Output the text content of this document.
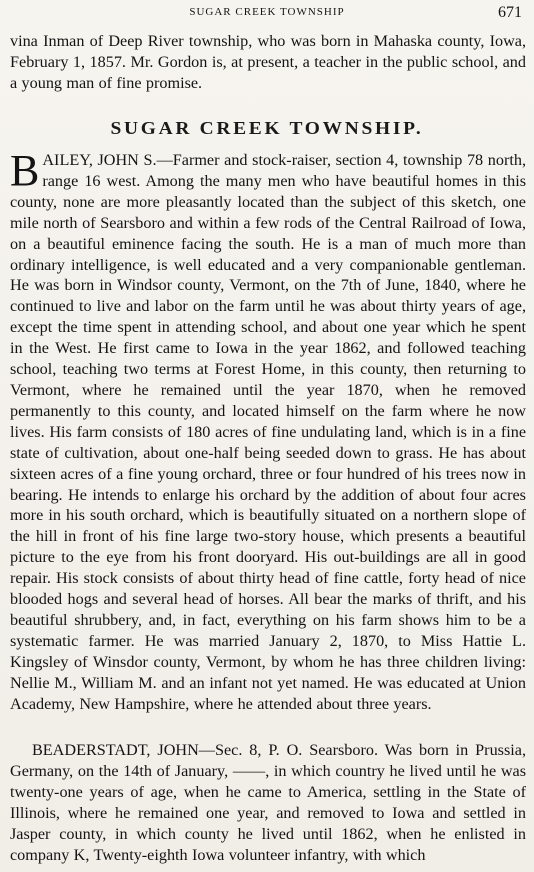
SUGAR CREEK TOWNSHIP	671

vina Inman of Deep River township, who was born in Mahaska county, Iowa, February 1, 1857. Mr. Gordon is, at present, a teacher in the public school, and a young man of fine promise.

SUGAR CREEK TOWNSHIP.

BAILEY, JOHN S.—Farmer and stock-raiser, section 4, township 78 north, range 16 west. Among the many men who have beautiful homes in this county, none are more pleasantly located than the subject of this sketch, one mile north of Searsboro and within a few rods of the Central Railroad of Iowa, on a beautiful eminence facing the south. He is a man of much more than ordinary intelligence, is well educated and a very companionable gentleman. He was born in Windsor county, Vermont, on the 7th of June, 1840, where he continued to live and labor on the farm until he was about thirty years of age, except the time spent in attending school, and about one year which he spent in the West. He first came to Iowa in the year 1862, and followed teaching school, teaching two terms at Forest Home, in this county, then returning to Vermont, where he remained until the year 1870, when he removed permanently to this county, and located himself on the farm where he now lives. His farm consists of 180 acres of fine undulating land, which is in a fine state of cultivation, about one-half being seeded down to grass. He has about sixteen acres of a fine young orchard, three or four hundred of his trees now in bearing. He intends to enlarge his orchard by the addition of about four acres more in his south orchard, which is beautifully situated on a northern slope of the hill in front of his fine large two-story house, which presents a beautiful picture to the eye from his front dooryard. His out-buildings are all in good repair. His stock consists of about thirty head of fine cattle, forty head of nice blooded hogs and several head of horses. All bear the marks of thrift, and his beautiful shrubbery, and, in fact, everything on his farm shows him to be a systematic farmer. He was married January 2, 1870, to Miss Hattie L. Kingsley of Winsdor county, Vermont, by whom he has three children living: Nellie M., William M. and an infant not yet named. He was educated at Union Academy, New Hampshire, where he attended about three years.

BEADERSTADT, JOHN—Sec. 8, P. O. Searsboro. Was born in Prussia, Germany, on the 14th of January, ——, in which country he lived until he was twenty-one years of age, when he came to America, settling in the State of Illinois, where he remained one year, and removed to Iowa and settled in Jasper county, in which county he lived until 1862, when he enlisted in company K, Twenty-eighth Iowa volunteer infantry, with which
